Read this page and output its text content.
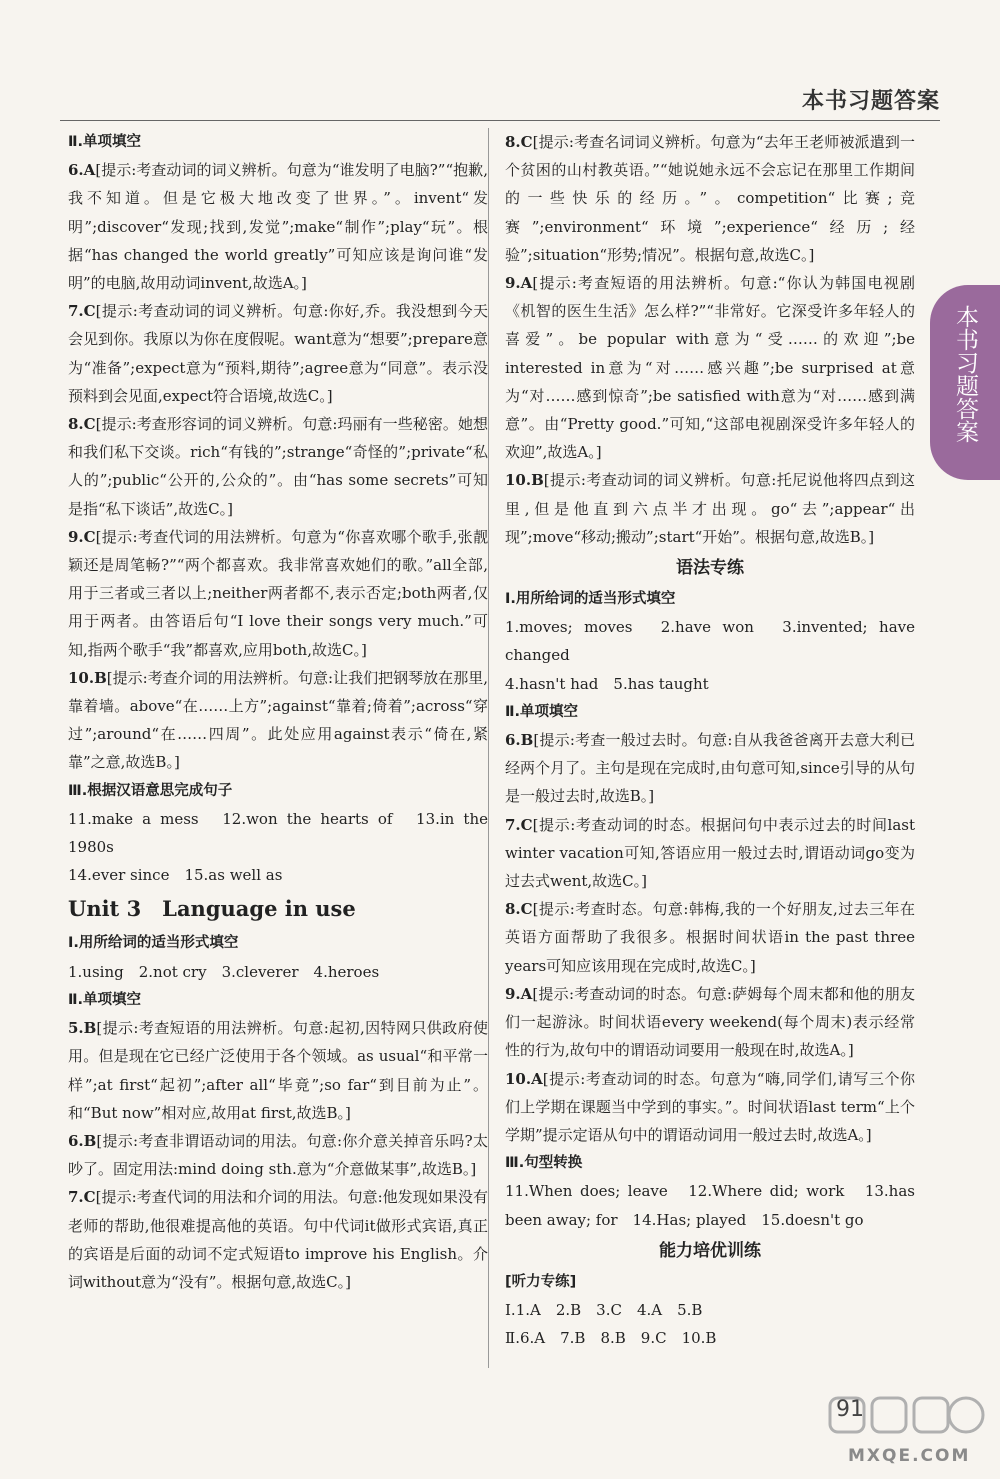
本书习题答案
Ⅱ.单项填空
6.A[提示:考查动词的词义辨析。句意为“谁发明了电脑?”“抱歉,我不知道。但是它极大地改变了世界。”。invent“发明”;discover“发现;找到,发觉”;make“制作”;play“玩”。根据“has changed the world greatly”可知应该是询问谁“发明”的电脑,故用动词invent,故选A。]
7.C[提示:考查动词的词义辨析。句意:你好,乔。我没想到今天会见到你。我原以为你在度假呢。want意为“想要”;prepare意为“准备”;expect意为“预料,期待”;agree意为“同意”。表示没预料到会见面,expect符合语境,故选C。]
8.C[提示:考查形容词的词义辨析。句意:玛丽有一些秘密。她想和我们私下交谈。rich“有钱的”;strange“奇怪的”;private“私人的”;public“公开的,公众的”。由“has some secrets”可知是指“私下谈话”,故选C。]
9.C[提示:考查代词的用法辨析。句意为“你喜欢哪个歌手,张靓颖还是周笔畅?”“两个都喜欢。我非常喜欢她们的歌。”all全部,用于三者或三者以上;neither两者都不,表示否定;both两者,仅用于两者。由答语后句“I love their songs very much.”可知,指两个歌手“我”都喜欢,应用both,故选C。]
10.B[提示:考查介词的用法辨析。句意:让我们把钢琴放在那里,靠着墙。above“在……上方”;against“靠着;倚着”;across“穿过”;around“在……四周”。此处应用against表示“倚在,紧靠”之意,故选B。]
Ⅲ.根据汉语意思完成句子
11.make a mess　12.won the hearts of　13.in the 1980s
14.ever since　15.as well as
Unit 3　Language in use
Ⅰ.用所给词的适当形式填空
1.using　2.not cry　3.cleverer　4.heroes
Ⅱ.单项填空
5.B[提示:考查短语的用法辨析。句意:起初,因特网只供政府使用。但是现在它已经广泛使用于各个领域。as usual“和平常一样”;at first“起初”;after all“毕竟”;so far“到目前为止”。和“But now”相对应,故用at first,故选B。]
6.B[提示:考查非谓语动词的用法。句意:你介意关掉音乐吗?太吵了。固定用法:mind doing sth.意为“介意做某事”,故选B。]
7.C[提示:考查代词的用法和介词的用法。句意:他发现如果没有老师的帮助,他很难提高他的英语。句中代词it做形式宾语,真正的宾语是后面的动词不定式短语to improve his English。介词without意为“没有”。根据句意,故选C。]
8.C[提示:考查名词词义辨析。句意为“去年王老师被派遣到一个贫困的山村教英语。”“她说她永远不会忘记在那里工作期间的一些快乐的经历。”。competition“比赛;竞赛”;environment“环境”;experience“经历;经验”;situation“形势;情况”。根据句意,故选C。]
9.A[提示:考查短语的用法辨析。句意:“你认为韩国电视剧《机智的医生生活》怎么样?”“非常好。它深受许多年轻人的喜爱”。be popular with意为“受……的欢迎”;be interested in意为“对……感兴趣”;be surprised at意为“对……感到惊奇”;be satisfied with意为“对……感到满意”。由“Pretty good.”可知,“这部电视剧深受许多年轻人的欢迎”,故选A。]
10.B[提示:考查动词的词义辨析。句意:托尼说他将四点到这里,但是他直到六点半才出现。go“去”;appear“出现”;move“移动;搬动”;start“开始”。根据句意,故选B。]
语法专练
Ⅰ.用所给词的适当形式填空
1.moves; moves　2.have won　3.invented; have changed
4.hasn't had　5.has taught
Ⅱ.单项填空
6.B[提示:考查一般过去时。句意:自从我爸爸离开去意大利已经两个月了。主句是现在完成时,由句意可知,since引导的从句是一般过去时,故选B。]
7.C[提示:考查动词的时态。根据问句中表示过去的时间last winter vacation可知,答语应用一般过去时,谓语动词go变为过去式went,故选C。]
8.C[提示:考查时态。句意:韩梅,我的一个好朋友,过去三年在英语方面帮助了我很多。根据时间状语in the past three years可知应该用现在完成时,故选C。]
9.A[提示:考查动词的时态。句意:萨姆每个周末都和他的朋友们一起游泳。时间状语every weekend(每个周末)表示经常性的行为,故句中的谓语动词要用一般现在时,故选A。]
10.A[提示:考查动词的时态。句意为“嗨,同学们,请写三个你们上学期在课题当中学到的事实。”。时间状语last term“上个学期”提示定语从句中的谓语动词用一般过去时,故选A。]
Ⅲ.句型转换
11.When does; leave　12.Where did; work　13.has been away; for　14.Has; played　15.doesn't go
能力培优训练
[听力专练]
Ⅰ.1.A　2.B　3.C　4.A　5.B
Ⅱ.6.A　7.B　8.B　9.C　10.B
本书习题答案
91
MXQE.COM
